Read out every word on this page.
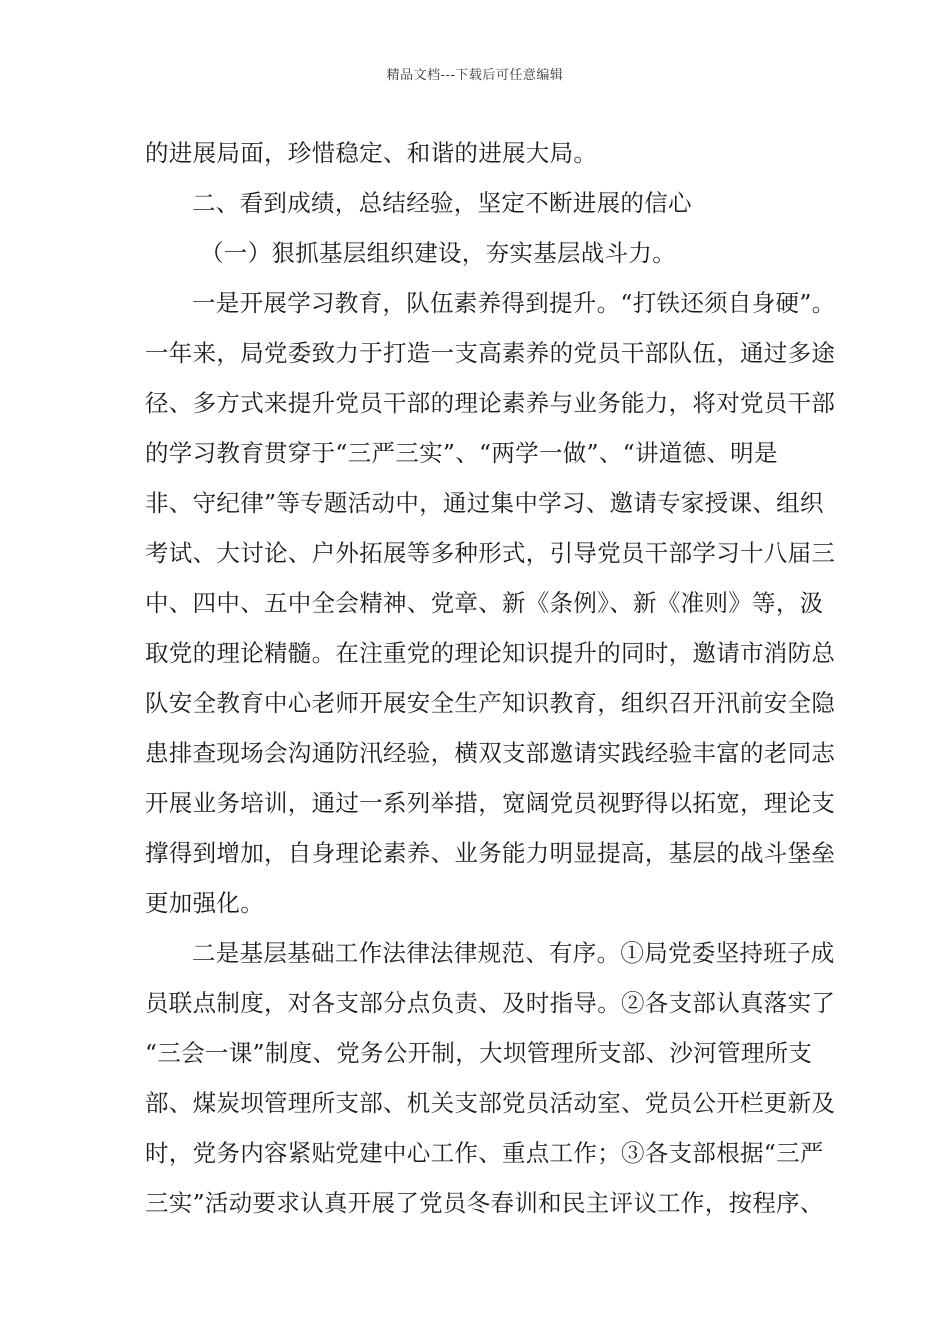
精品文档---下载后可任意编辑
的进展局面，珍惜稳定、和谐的进展大局。
二、看到成绩，总结经验，坚定不断进展的信心
（一）狠抓基层组织建设，夯实基层战斗力。
一是开展学习教育，队伍素养得到提升。“打铁还须自身硬”。
一年来，局党委致力于打造一支高素养的党员干部队伍，通过多途
径、多方式来提升党员干部的理论素养与业务能力，将对党员干部
的学习教育贯穿于“三严三实”、“两学一做”、“讲道德、明是
非、守纪律”等专题活动中，通过集中学习、邀请专家授课、组织
考试、大讨论、户外拓展等多种形式，引导党员干部学习十八届三
中、四中、五中全会精神、党章、新《条例》、新《准则》等，汲
取党的理论精髓。在注重党的理论知识提升的同时，邀请市消防总
队安全教育中心老师开展安全生产知识教育，组织召开汛前安全隐
患排查现场会沟通防汛经验，横双支部邀请实践经验丰富的老同志
开展业务培训，通过一系列举措，宽阔党员视野得以拓宽，理论支
撑得到增加，自身理论素养、业务能力明显提高，基层的战斗堡垒
更加强化。
二是基层基础工作法律法律规范、有序。①局党委坚持班子成
员联点制度，对各支部分点负责、及时指导。②各支部认真落实了
“三会一课”制度、党务公开制，大坝管理所支部、沙河管理所支
部、煤炭坝管理所支部、机关支部党员活动室、党员公开栏更新及
时，党务内容紧贴党建中心工作、重点工作；③各支部根据“三严
三实”活动要求认真开展了党员冬春训和民主评议工作，按程序、
